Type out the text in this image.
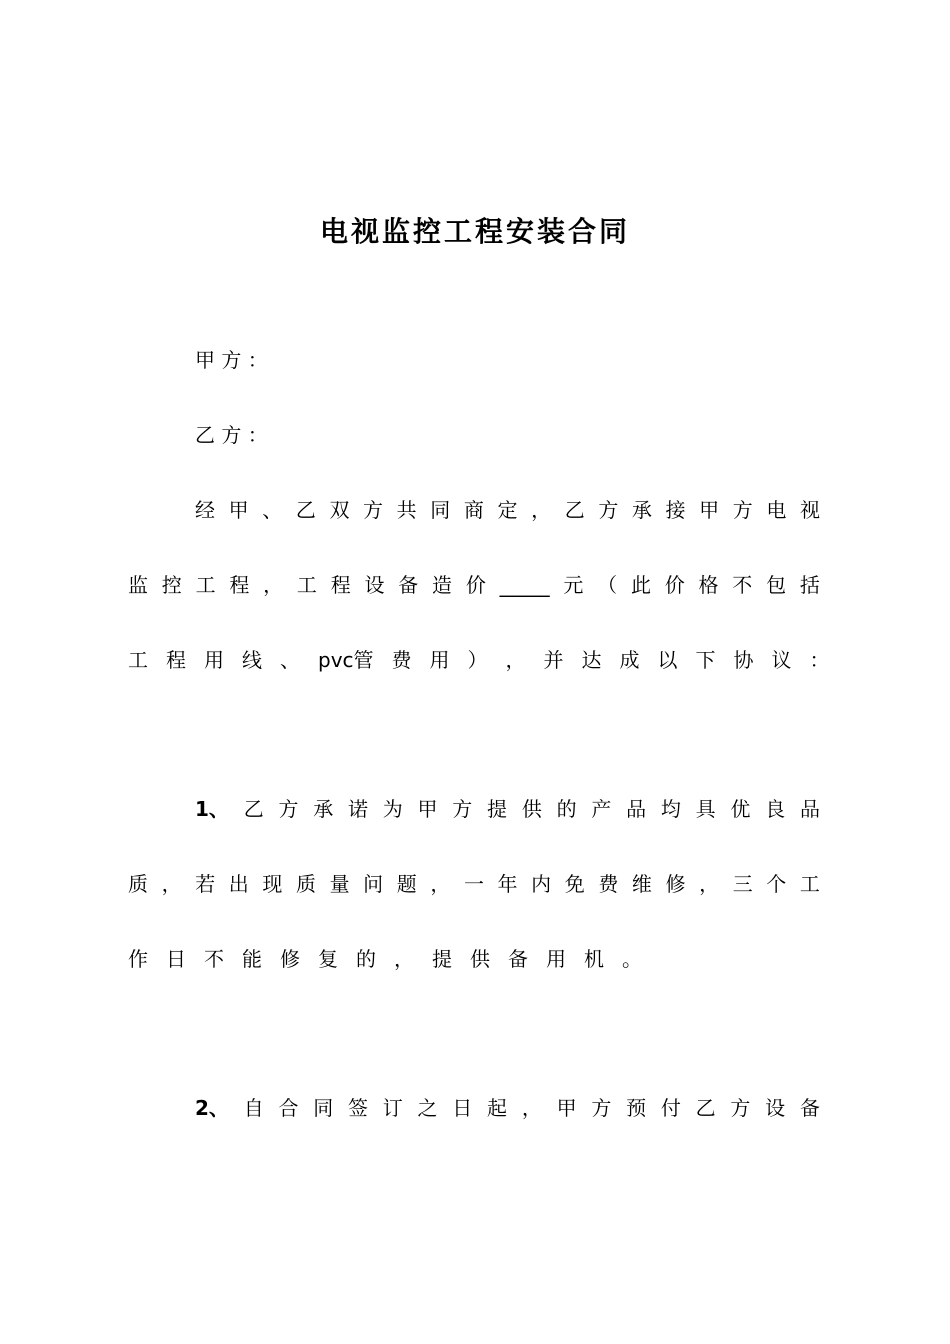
电视监控工程安装合同
甲 方 ：
乙 方 ：
经 甲 、 乙 双 方 共 同 商 定 ， 乙 方 承 接 甲 方 电 视
监 控 工 程 ， 工 程 设 备 造 价 _____ 元 （ 此 价 格 不 包 括
工 程 用 线 、 pvc管 费 用 ） ， 并 达 成 以 下 协 议 ：
1、 乙 方 承 诺 为 甲 方 提 供 的 产 品 均 具 优 良 品
质 ， 若 出 现 质 量 问 题 ， 一 年 内 免 费 维 修 ， 三 个 工
作 日 不 能 修 复 的 ， 提 供 备 用 机 。
2、 自 合 同 签 订 之 日 起 ， 甲 方 预 付 乙 方 设 备
